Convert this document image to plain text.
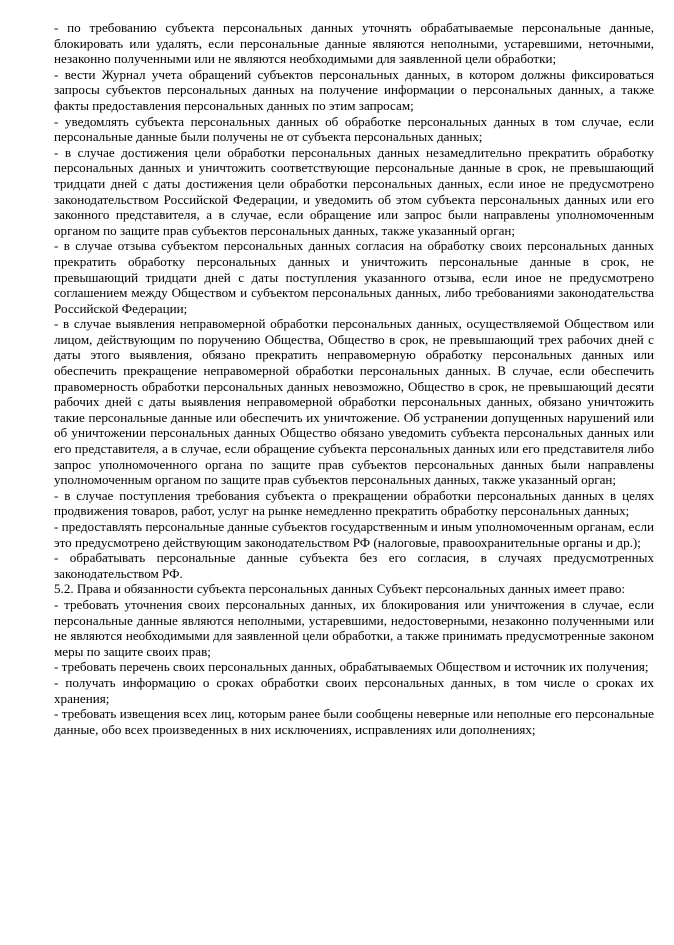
- по требованию субъекта персональных данных уточнять обрабатываемые персональные данные, блокировать или удалять, если персональные данные являются неполными, устаревшими, неточными, незаконно полученными или не являются необходимыми для заявленной цели обработки;

- вести Журнал учета обращений субъектов персональных данных, в котором должны фиксироваться запросы субъектов персональных данных на получение информации о персональных данных, а также факты предоставления персональных данных по этим запросам;

- уведомлять субъекта персональных данных об обработке персональных данных в том случае, если персональные данные были получены не от субъекта персональных данных;

- в случае достижения цели обработки персональных данных незамедлительно прекратить обработку персональных данных и уничтожить соответствующие персональные данные в срок, не превышающий тридцати дней с даты достижения цели обработки персональных данных, если иное не предусмотрено законодательством Российской Федерации, и уведомить об этом субъекта персональных данных или его законного представителя, а в случае, если обращение или запрос были направлены уполномоченным органом по защите прав субъектов персональных данных, также указанный орган;

- в случае отзыва субъектом персональных данных согласия на обработку своих персональных данных прекратить обработку персональных данных и уничтожить персональные данные в срок, не превышающий тридцати дней с даты поступления указанного отзыва, если иное не предусмотрено соглашением между Обществом и субъектом персональных данных, либо требованиями законодательства Российской Федерации;

- в случае выявления неправомерной обработки персональных данных, осуществляемой Обществом или лицом, действующим по поручению Общества, Общество в срок, не превышающий трех рабочих дней с даты этого выявления, обязано прекратить неправомерную обработку персональных данных или обеспечить прекращение неправомерной обработки персональных данных. В случае, если обеспечить правомерность обработки персональных данных невозможно, Общество в срок, не превышающий десяти рабочих дней с даты выявления неправомерной обработки персональных данных, обязано уничтожить такие персональные данные или обеспечить их уничтожение. Об устранении допущенных нарушений или об уничтожении персональных данных Общество обязано уведомить субъекта персональных данных или его представителя, а в случае, если обращение субъекта персональных данных или его представителя либо запрос уполномоченного органа по защите прав субъектов персональных данных были направлены уполномоченным органом по защите прав субъектов персональных данных, также указанный орган;

- в случае поступления требования субъекта о прекращении обработки персональных данных в целях продвижения товаров, работ, услуг на рынке немедленно прекратить обработку персональных данных;

- предоставлять персональные данные субъектов государственным и иным уполномоченным органам, если это предусмотрено действующим законодательством РФ (налоговые, правоохранительные органы и др.);

- обрабатывать персональные данные субъекта без его согласия, в случаях предусмотренных законодательством РФ.

5.2. Права и обязанности субъекта персональных данных Субъект персональных данных имеет право:

- требовать уточнения своих персональных данных, их блокирования или уничтожения в случае, если персональные данные являются неполными, устаревшими, недостоверными, незаконно полученными или не являются необходимыми для заявленной цели обработки, а также принимать предусмотренные законом меры по защите своих прав;

- требовать перечень своих персональных данных, обрабатываемых Обществом и источник их получения;

- получать информацию о сроках обработки своих персональных данных, в том числе о сроках их хранения;

- требовать извещения всех лиц, которым ранее были сообщены неверные или неполные его персональные данные, обо всех произведенных в них исключениях, исправлениях или дополнениях;
